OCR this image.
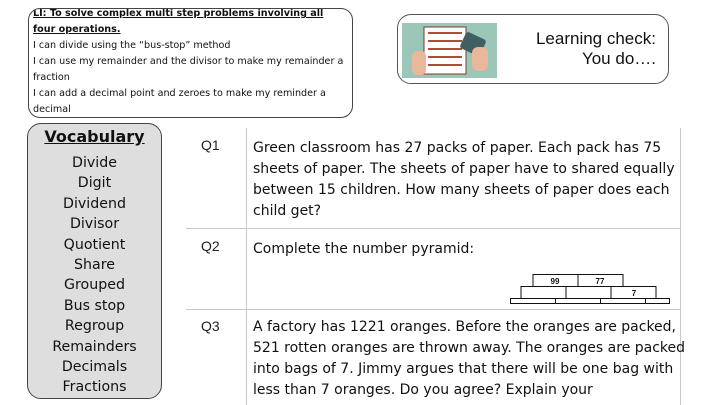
LI: To solve complex multi step problems involving all four operations.
I can divide using the “bus-stop” method
I can use my remainder and the divisor to make my remainder a fraction
I can add a decimal point and zeroes to make my reminder a decimal
Learning check:
You do….
Vocabulary
Divide
Digit
Dividend
Divisor
Quotient
Share
Grouped
Bus stop
Regroup
Remainders
Decimals
Fractions
Q1 Green classroom has 27 packs of paper. Each pack has 75 sheets of paper. The sheets of paper have to shared equally between 15 children. How many sheets of paper does each child get?
Q2 Complete the number pyramid:
99	77
7
Q3 A factory has 1221 oranges. Before the oranges are packed, 521 rotten oranges are thrown away. The oranges are packed into bags of 7. Jimmy argues that there will be one bag with less than 7 oranges. Do you agree? Explain your
